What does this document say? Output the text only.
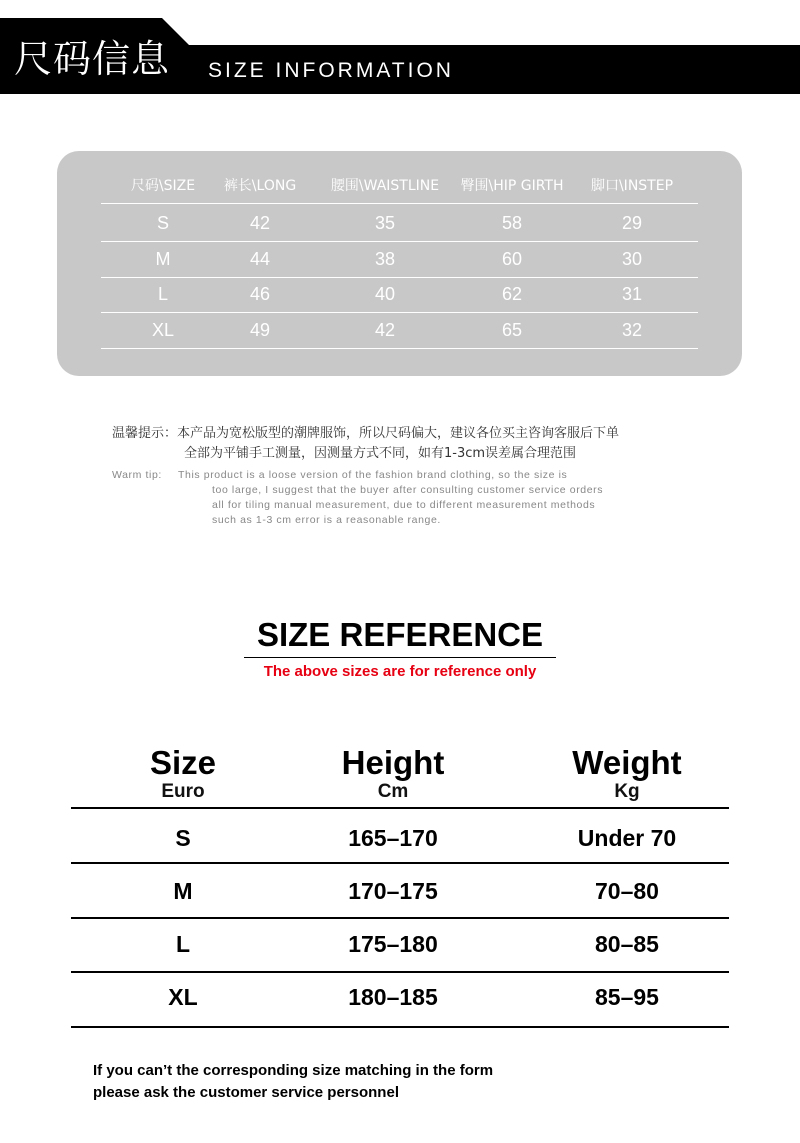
尺码信息 SIZE INFORMATION
尺码\SIZE	裤长\LONG	腰围\WAISTLINE	臀围\HIP GIRTH	脚口\INSTEP
S	42	35	58	29
M	44	38	60	30
L	46	40	62	31
XL	49	42	65	32
温馨提示：本产品为宽松版型的潮牌服饰，所以尺码偏大，建议各位买主咨询客服后下单
全部为平铺手工测量，因测量方式不同，如有1-3cm误差属合理范围
Warm tip: This product is a loose version of the fashion brand clothing, so the size is
too large, I suggest that the buyer after consulting customer service orders
all for tiling manual measurement, due to different measurement methods
such as 1-3 cm error is a reasonable range.
SIZE REFERENCE
The above sizes are for reference only
Size
Euro
Height
Cm
Weight
Kg
S	165–170	Under 70
M	170–175	70–80
L	175–180	80–85
XL	180–185	85–95
If you can’t the corresponding size matching in the form
please ask the customer service personnel
